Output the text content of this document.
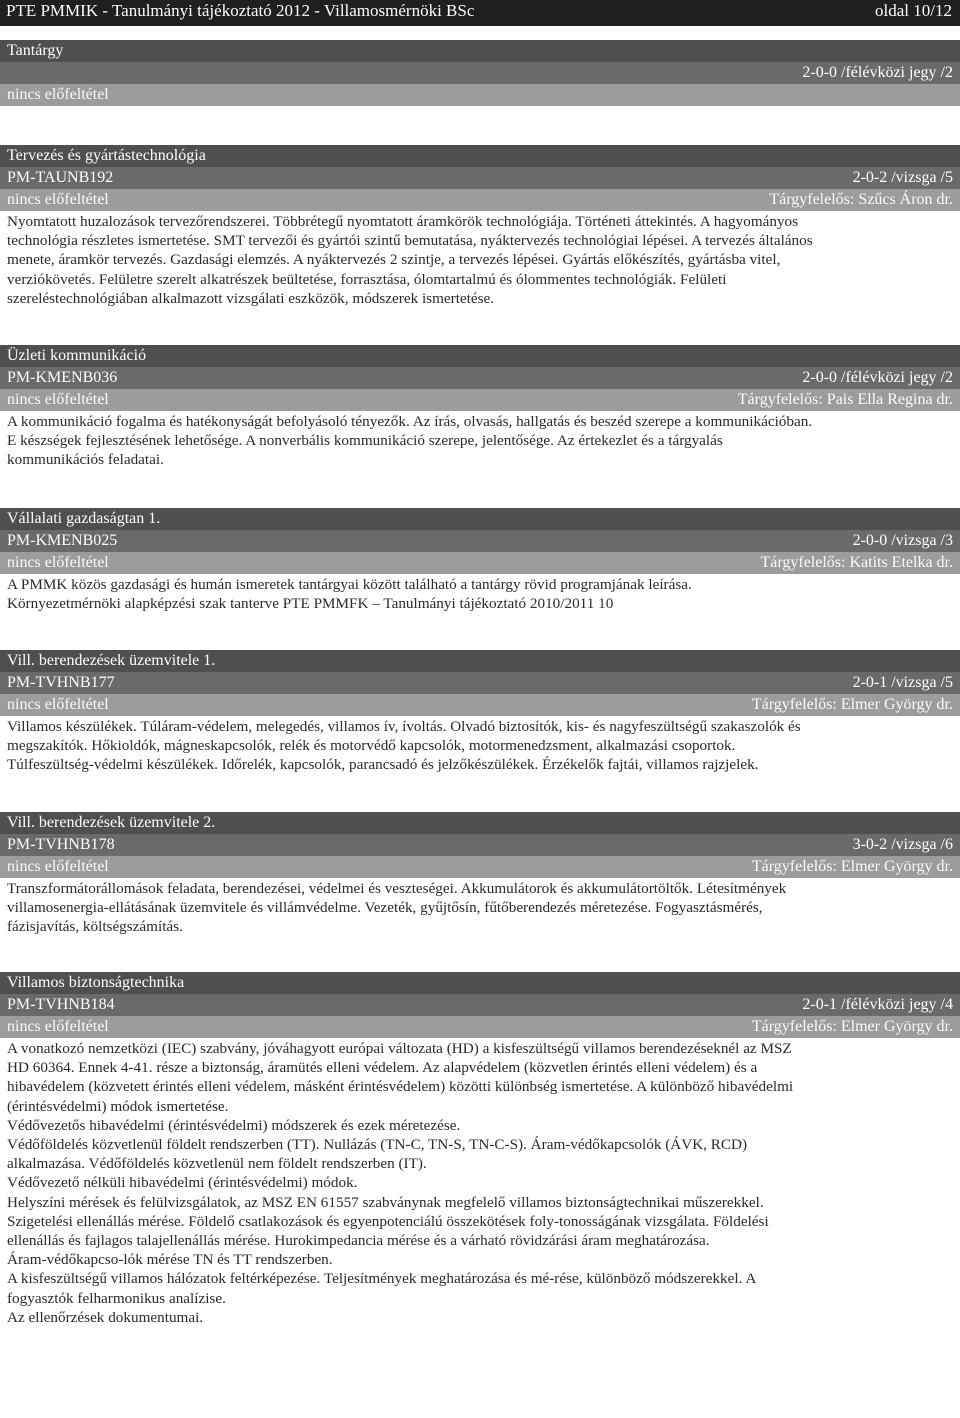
PTE PMMIK - Tanulmányi tájékoztató 2012 - Villamosmérnöki BSc	oldal 10/12
Tantárgy
2-0-0 /félévközi jegy /2
nincs előfeltétel
Tervezés és gyártástechnológia
PM-TAUNB192	2-0-2 /vizsga /5
nincs előfeltétel	Tárgyfelelős: Szűcs Áron dr.

Nyomtatott huzalozások tervezőrendszerei. Többrétegű nyomtatott áramkörök technológiája. Történeti áttekintés. A hagyományos

technológia részletes ismertetése. SMT tervezői és gyártói szintű bemutatása, nyáktervezés technológiai lépései. A tervezés általános

menete, áramkör tervezés. Gazdasági elemzés. A nyáktervezés 2 szintje, a tervezés lépései. Gyártás előkészítés, gyártásba vitel,

verziókövetés. Felületre szerelt alkatrészek beültetése, forrasztása, ólomtartalmú és ólommentes technológiák. Felületi

szereléstechnológiában alkalmazott vizsgálati eszközök, módszerek ismertetése.

Üzleti kommunikáció
PM-KMENB036	2-0-0 /félévközi jegy /2
nincs előfeltétel	Tárgyfelelős: Pais Ella Regina dr.

A kommunikáció fogalma és hatékonyságát befolyásoló tényezők. Az írás, olvasás, hallgatás és beszéd szerepe a kommunikációban.

E készségek fejlesztésének lehetősége. A nonverbális kommunikáció szerepe, jelentősége. Az értekezlet és a tárgyalás

kommunikációs feladatai.

Vállalati gazdaságtan 1.
PM-KMENB025	2-0-0 /vizsga /3
nincs előfeltétel	Tárgyfelelős: Katits Etelka dr.

A PMMK közös gazdasági és humán ismeretek tantárgyai között található a tantárgy rövid programjának leírása.

Környezetmérnöki alapképzési szak tanterve PTE PMMFK – Tanulmányi tájékoztató 2010/2011 10

Vill. berendezések üzemvitele 1.
PM-TVHNB177	2-0-1 /vizsga /5
nincs előfeltétel	Tárgyfelelős: Elmer György dr.

Villamos készülékek. Túláram-védelem, melegedés, villamos ív, ívoltás. Olvadó biztosítók, kis- és nagyfeszültségű szakaszolók és

megszakítók. Hőkioldók, mágneskapcsolók, relék és motorvédő kapcsolók, motormenedzsment, alkalmazási csoportok.

Túlfeszültség-védelmi készülékek. Időrelék, kapcsolók, parancsadó és jelzőkészülékek. Érzékelők fajtái, villamos rajzjelek.

Vill. berendezések üzemvitele 2.
PM-TVHNB178	3-0-2 /vizsga /6
nincs előfeltétel	Tárgyfelelős: Elmer György dr.

Transzformátorállomások feladata, berendezései, védelmei és veszteségei. Akkumulátorok és akkumulátortöltők. Létesítmények

villamosenergia-ellátásának üzemvitele és villámvédelme. Vezeték, gyűjtősín, fűtőberendezés méretezése. Fogyasztásmérés,

fázisjavítás, költségszámítás.

Villamos biztonságtechnika
PM-TVHNB184	2-0-1 /félévközi jegy /4
nincs előfeltétel	Tárgyfelelős: Elmer György dr.

A vonatkozó nemzetközi (IEC) szabvány, jóváhagyott európai változata (HD) a kisfeszültségű villamos berendezéseknél az MSZ

HD 60364. Ennek 4-41. része a biztonság, áramütés elleni védelem. Az alapvédelem (közvetlen érintés elleni védelem) és a

hibavédelem (közvetett érintés elleni védelem, másként érintésvédelem) közötti különbség ismertetése. A különböző hibavédelmi

(érintésvédelmi) módok ismertetése.

Védővezetős hibavédelmi (érintésvédelmi) módszerek és ezek méretezése.

Védőföldelés közvetlenül földelt rendszerben (TT). Nullázás (TN-C, TN-S, TN-C-S). Áram-védőkapcsolók (ÁVK, RCD)

alkalmazása. Védőföldelés közvetlenül nem földelt rendszerben (IT).

Védővezető nélküli hibavédelmi (érintésvédelmi) módok.

Helyszíni mérések és felülvizsgálatok, az MSZ EN 61557 szabványnak megfelelő villamos biztonságtechnikai műszerekkel.

Szigetelési ellenállás mérése. Földelő csatlakozások és egyenpotenciálú összekötések foly-tonosságának vizsgálata. Földelési

ellenállás és fajlagos talajellenállás mérése. Hurokimpedancia mérése és a várható rövidzárási áram meghatározása.

Áram-védőkapcso-lók mérése TN és TT rendszerben.

A kisfeszültségű villamos hálózatok feltérképezése. Teljesítmények meghatározása és mé-rése, különböző módszerekkel. A

fogyasztók felharmonikus analízise.

Az ellenőrzések dokumentumai.
